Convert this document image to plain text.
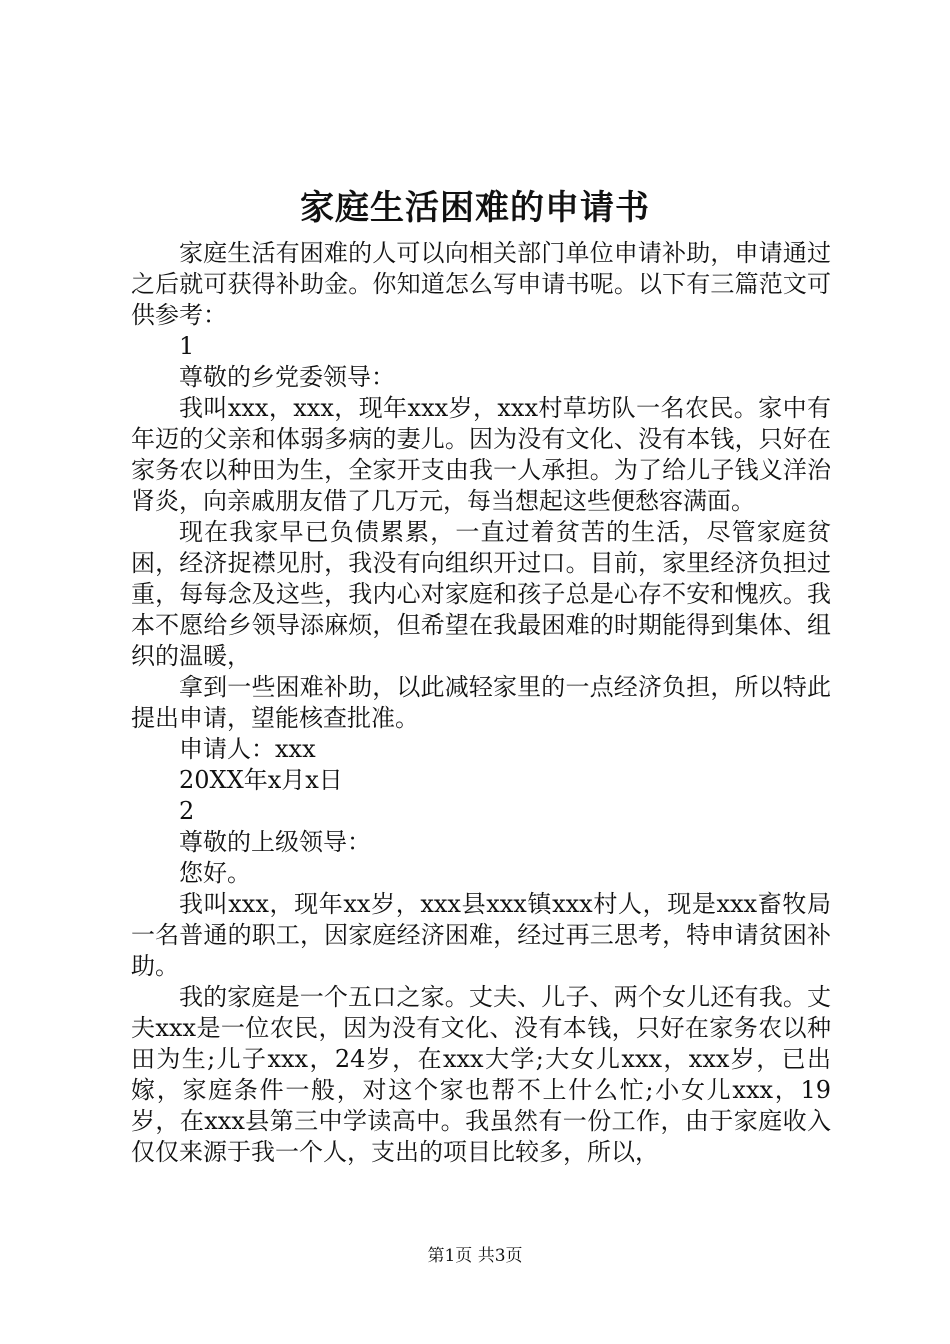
家庭生活困难的申请书

家庭生活有困难的人可以向相关部门单位申请补助，申请通过之后就可获得补助金。你知道怎么写申请书呢。以下有三篇范文可供参考：

1

尊敬的乡党委领导：

我叫xxx，xxx，现年xxx岁，xxx村草坊队一名农民。家中有年迈的父亲和体弱多病的妻儿。因为没有文化、没有本钱，只好在家务农以种田为生，全家开支由我一人承担。为了给儿子钱义洋治肾炎，向亲戚朋友借了几万元，每当想起这些便愁容满面。

现在我家早已负债累累，一直过着贫苦的生活，尽管家庭贫困，经济捉襟见肘，我没有向组织开过口。目前，家里经济负担过重，每每念及这些，我内心对家庭和孩子总是心存不安和愧疚。我本不愿给乡领导添麻烦，但希望在我最困难的时期能得到集体、组织的温暖，

拿到一些困难补助，以此减轻家里的一点经济负担，所以特此提出申请，望能核查批准。

申请人：xxx

20XX年x月x日

2

尊敬的上级领导：

您好。

我叫xxx，现年xx岁，xxx县xxx镇xxx村人，现是xxx畜牧局一名普通的职工，因家庭经济困难，经过再三思考，特申请贫困补助。

我的家庭是一个五口之家。丈夫、儿子、两个女儿还有我。丈夫xxx是一位农民，因为没有文化、没有本钱，只好在家务农以种田为生;儿子xxx，24岁，在xxx大学;大女儿xxx，xxx岁，已出嫁，家庭条件一般，对这个家也帮不上什么忙;小女儿xxx，19岁，在xxx县第三中学读高中。我虽然有一份工作，由于家庭收入仅仅来源于我一个人，支出的项目比较多，所以，

第1页 共3页
